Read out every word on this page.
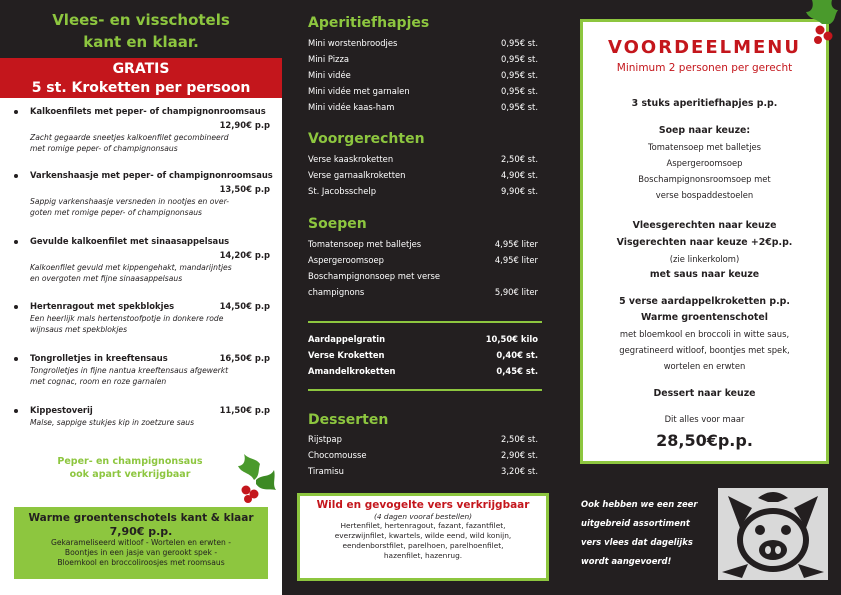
Vlees- en visschotels
kant en klaar.
GRATIS
5 st. Kroketten per persoon
Kalkoenfilets met peper- of champignonroomsaus
12,90€ p.p
Zacht gegaarde sneetjes kalkoenfilet gecombineerd
met romige peper- of champignonsaus
Varkenshaasje met peper- of champignonroomsaus
13,50€ p.p
Sappig varkenshaasje versneden in nootjes en over-
goten met romige peper- of champignonsaus
Gevulde kalkoenfilet met sinaasappelsaus
14,20€ p.p
Kalkoenfilet gevuld met kippengehakt, mandarijntjes
en overgoten met fijne sinaasappelsaus
Hertenragout met spekblokjes	14,50€ p.p
Een heerlijk mals hertenstoofpotje in donkere rode
wijnsaus met spekblokjes
Tongrolletjes in kreeftensaus	16,50€ p.p
Tongrolletjes in fijne nantua kreeftensaus afgewerkt
met cognac, room en roze garnalen
Kippestoverij	11,50€ p.p
Malse, sappige stukjes kip in zoetzure saus
Peper- en champignonsaus
ook apart verkrijgbaar
Warme groentenschotels kant & klaar
7,90€ p.p.
Gekarameliseerd witloof - Wortelen en erwten -
Boontjes in een jasje van gerookt spek -
Bloemkool en broccoliroosjes met roomsaus
Aperitiefhapjes
Mini worstenbroodjes	0,95€ st.
Mini Pizza	0,95€ st.
Mini vidée	0,95€ st.
Mini vidée met garnalen	0,95€ st.
Mini vidée kaas-ham	0,95€ st.
Voorgerechten
Verse kaaskroketten	2,50€ st.
Verse garnaalkroketten	4,90€ st.
St. Jacobsschelp	9,90€ st.
Soepen
Tomatensoep met balletjes	4,95€ liter
Aspergeroomsoep	4,95€ liter
Boschampignonsoep met verse
champignons	5,90€ liter
Aardappelgratin	10,50€ kilo
Verse Kroketten	0,40€ st.
Amandelkroketten	0,45€ st.
Desserten
Rijstpap	2,50€ st.
Chocomousse	2,90€ st.
Tiramisu	3,20€ st.
Wild en gevogelte vers verkrijgbaar
(4 dagen vooraf bestellen)
Hertenfilet, hertenragout, fazant, fazantfilet,
everzwijnfilet, kwartels, wilde eend, wild konijn,
eendenborstfilet, parelhoen, parelhoenfilet,
hazenfilet, hazenrug.
VOORDEELMENU
Minimum 2 personen per gerecht
3 stuks aperitiefhapjes p.p.
Soep naar keuze:
Tomatensoep met balletjes
Aspergeroomsoep
Boschampignonsroomsoep met
verse bospaddestoelen
Vleesgerechten naar keuze
Visgerechten naar keuze +2€p.p.
(zie linkerkolom)
met saus naar keuze
5 verse aardappelkroketten p.p.
Warme groentenschotel
met bloemkool en broccoli in witte saus,
gegratineerd witloof, boontjes met spek,
wortelen en erwten
Dessert naar keuze
Dit alles voor maar
28,50€p.p.
Ook hebben we een zeer
uitgebreid assortiment
vers vlees dat dagelijks
wordt aangevoerd!
